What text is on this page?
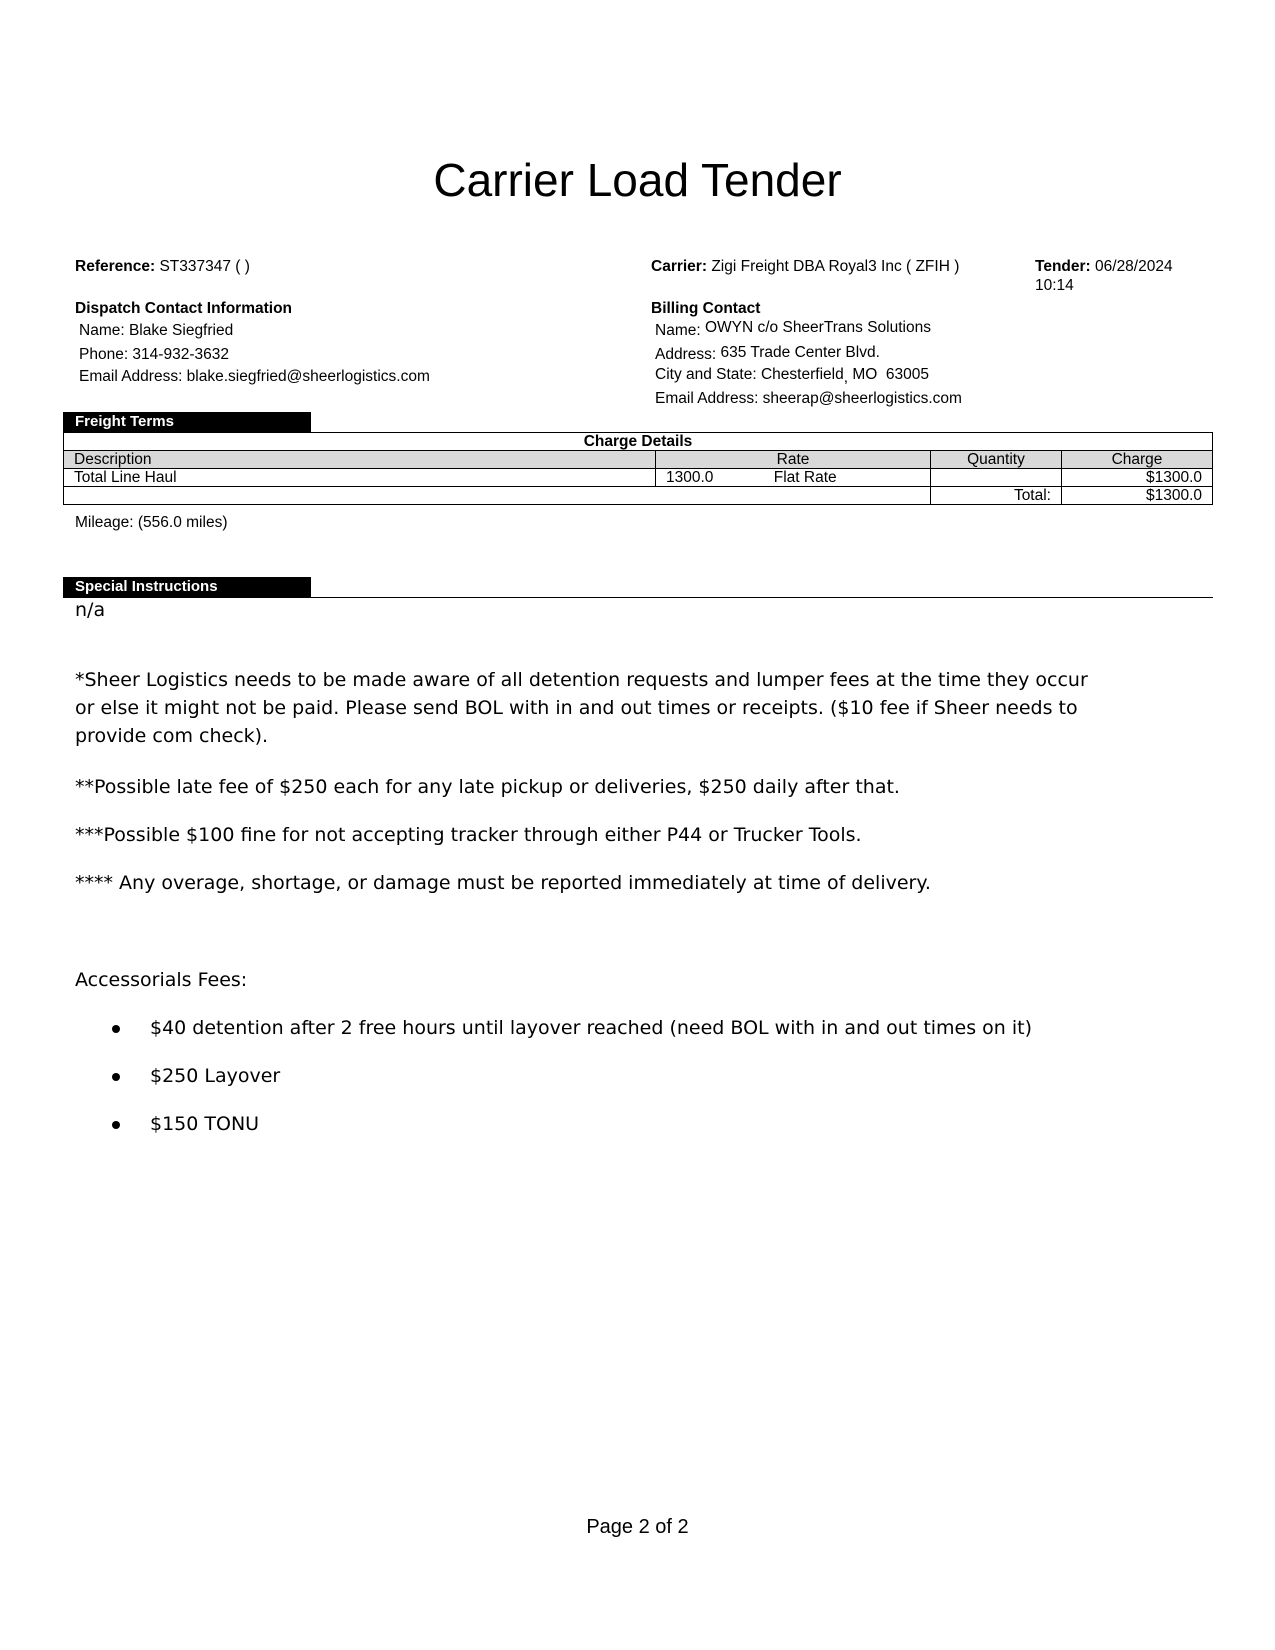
Carrier Load Tender
Reference: ST337347 ( )	Carrier: Zigi Freight DBA Royal3 Inc ( ZFIH )	Tender: 06/28/2024
10:14
Dispatch Contact Information
Name: Blake Siegfried
Phone: 314-932-3632
Email Address: blake.siegfried@sheerlogistics.com
Billing Contact
Name: OWYN c/o SheerTrans Solutions
Address: 635 Trade Center Blvd.
City and State: Chesterfield, MO 63005
Email Address: sheerap@sheerlogistics.com
Freight Terms
Charge Details			
Description	Rate	Quantity	Charge
Total Line Haul	1300.0 Flat Rate		$1300.0
		Total:	$1300.0
Mileage: (556.0 miles)
Special Instructions
n/a
*Sheer Logistics needs to be made aware of all detention requests and lumper fees at the time they occur
or else it might not be paid. Please send BOL with in and out times or receipts. ($10 fee if Sheer needs to
provide com check).
**Possible late fee of $250 each for any late pickup or deliveries, $250 daily after that.
***Possible $100 fine for not accepting tracker through either P44 or Trucker Tools.
**** Any overage, shortage, or damage must be reported immediately at time of delivery.
Accessorials Fees:
$40 detention after 2 free hours until layover reached (need BOL with in and out times on it)
$250 Layover
$150 TONU
Page 2 of 2
